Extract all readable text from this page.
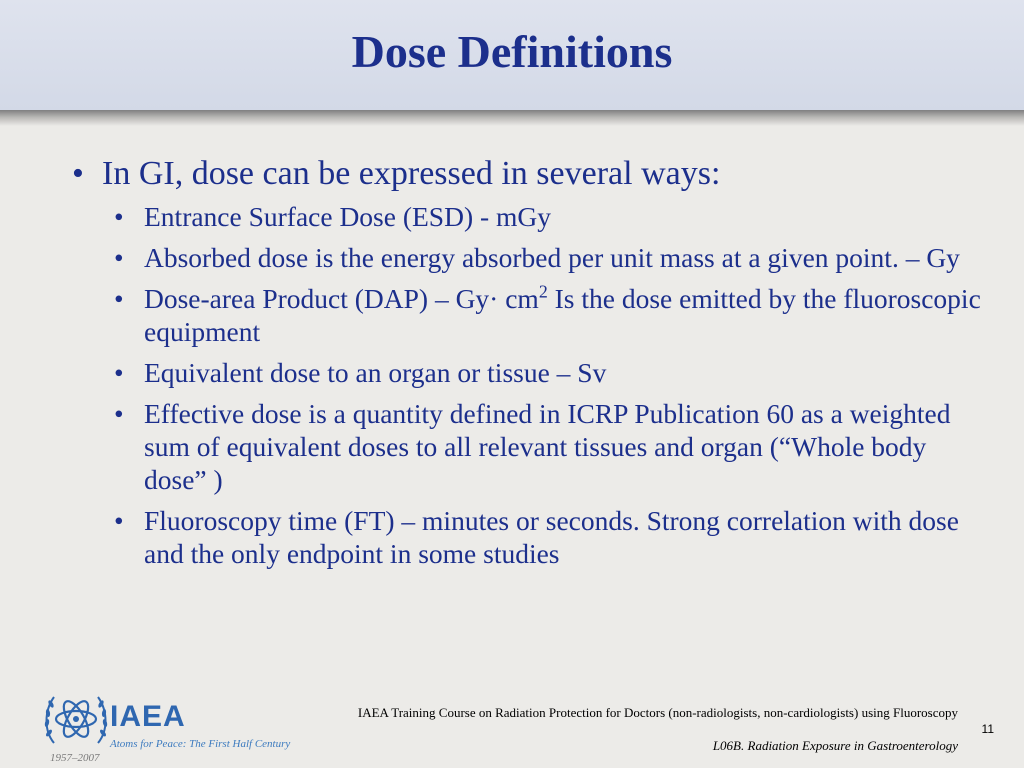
Dose Definitions
• In GI, dose can be expressed in several ways:
• Entrance Surface Dose (ESD) - mGy
• Absorbed dose is the energy absorbed per unit mass at a given point. – Gy
• Dose-area Product $(DAP) - Gy\cdot cm^2$ Is the dose emitted by the fluoroscopic equipment
• Equivalent dose to an organ or tissue – Sv
• Effective dose is a quantity defined in ICRP Publication 60 as a weighted sum of equivalent doses to all relevant tissues and organ (“Whole body dose” )
• Fluoroscopy time (FT) – minutes or seconds. Strong correlation with dose and the only endpoint in some studies
IAEA
Atoms for Peace: The First Half Century
1957–2007
IAEA Training Course on Radiation Protection for Doctors (non-radiologists, non-cardiologists) using Fluoroscopy
11
L06B. Radiation Exposure in Gastroenterology
